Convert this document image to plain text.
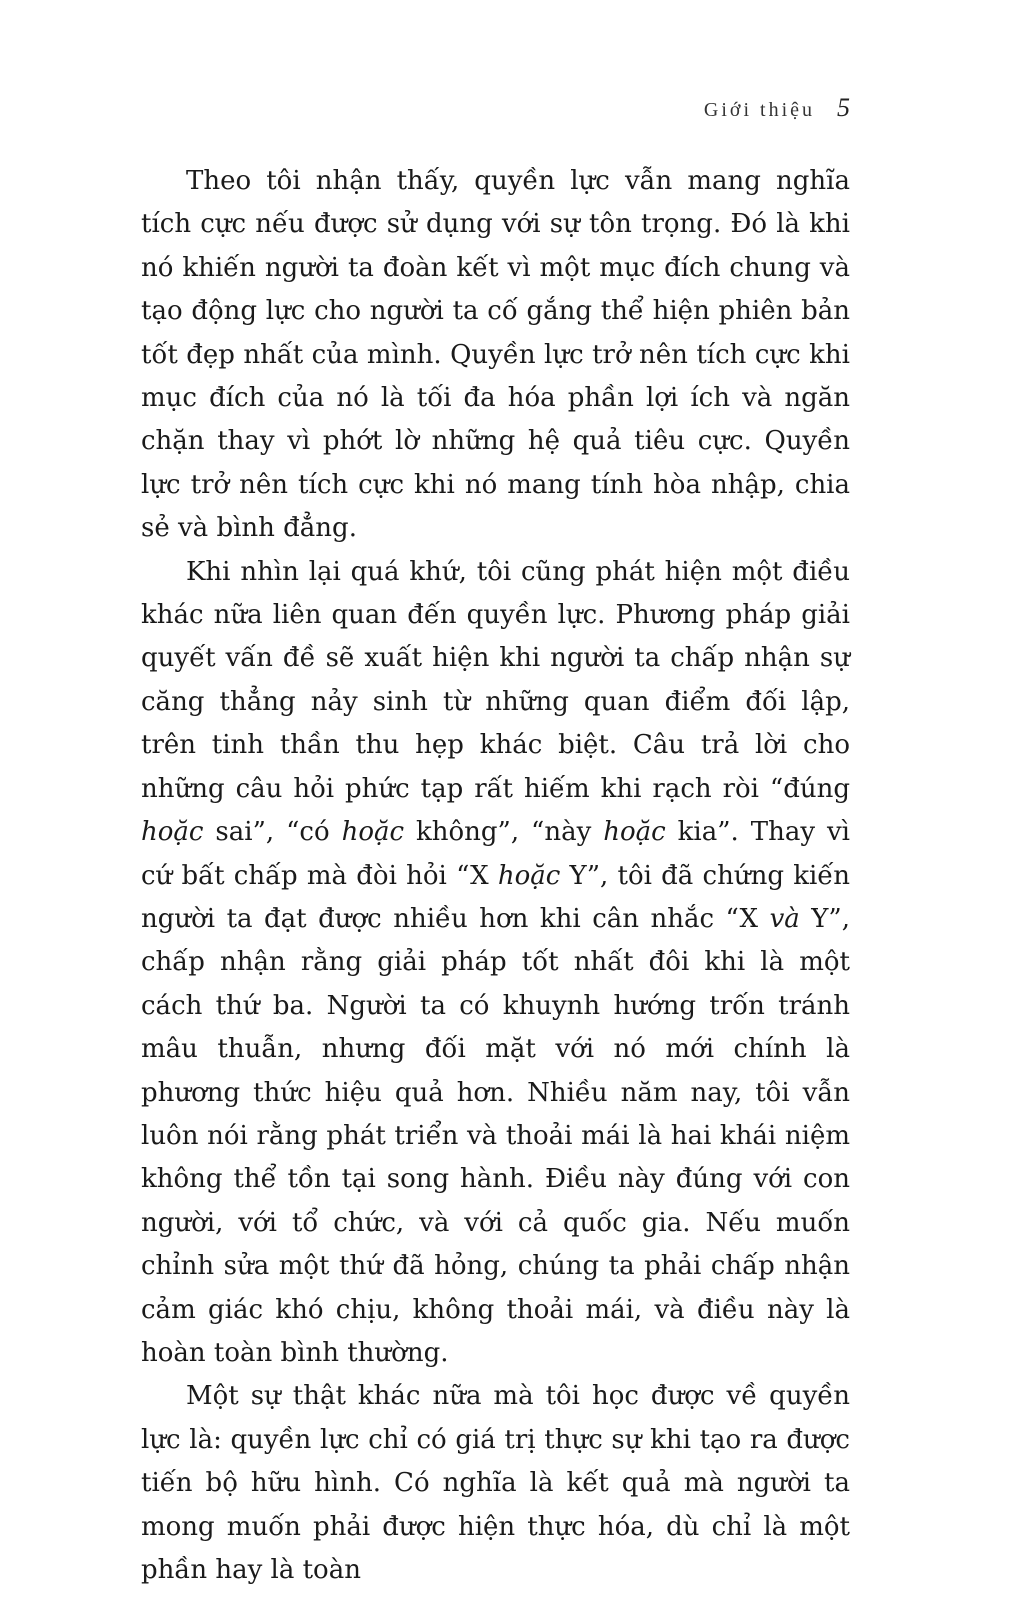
Giới thiệu 5

Theo tôi nhận thấy, quyền lực vẫn mang nghĩa tích cực nếu được sử dụng với sự tôn trọng. Đó là khi nó khiến người ta đoàn kết vì một mục đích chung và tạo động lực cho người ta cố gắng thể hiện phiên bản tốt đẹp nhất của mình. Quyền lực trở nên tích cực khi mục đích của nó là tối đa hóa phần lợi ích và ngăn chặn thay vì phớt lờ những hệ quả tiêu cực. Quyền lực trở nên tích cực khi nó mang tính hòa nhập, chia sẻ và bình đẳng.

Khi nhìn lại quá khứ, tôi cũng phát hiện một điều khác nữa liên quan đến quyền lực. Phương pháp giải quyết vấn đề sẽ xuất hiện khi người ta chấp nhận sự căng thẳng nảy sinh từ những quan điểm đối lập, trên tinh thần thu hẹp khác biệt. Câu trả lời cho những câu hỏi phức tạp rất hiếm khi rạch ròi “đúng hoặc sai”, “có hoặc không”, “này hoặc kia”. Thay vì cứ bất chấp mà đòi hỏi “X hoặc Y”, tôi đã chứng kiến người ta đạt được nhiều hơn khi cân nhắc “X và Y”, chấp nhận rằng giải pháp tốt nhất đôi khi là một cách thứ ba. Người ta có khuynh hướng trốn tránh mâu thuẫn, nhưng đối mặt với nó mới chính là phương thức hiệu quả hơn. Nhiều năm nay, tôi vẫn luôn nói rằng phát triển và thoải mái là hai khái niệm không thể tồn tại song hành. Điều này đúng với con người, với tổ chức, và với cả quốc gia. Nếu muốn chỉnh sửa một thứ đã hỏng, chúng ta phải chấp nhận cảm giác khó chịu, không thoải mái, và điều này là hoàn toàn bình thường.

Một sự thật khác nữa mà tôi học được về quyền lực là: quyền lực chỉ có giá trị thực sự khi tạo ra được tiến bộ hữu hình. Có nghĩa là kết quả mà người ta mong muốn phải được hiện thực hóa, dù chỉ là một phần hay là toàn
